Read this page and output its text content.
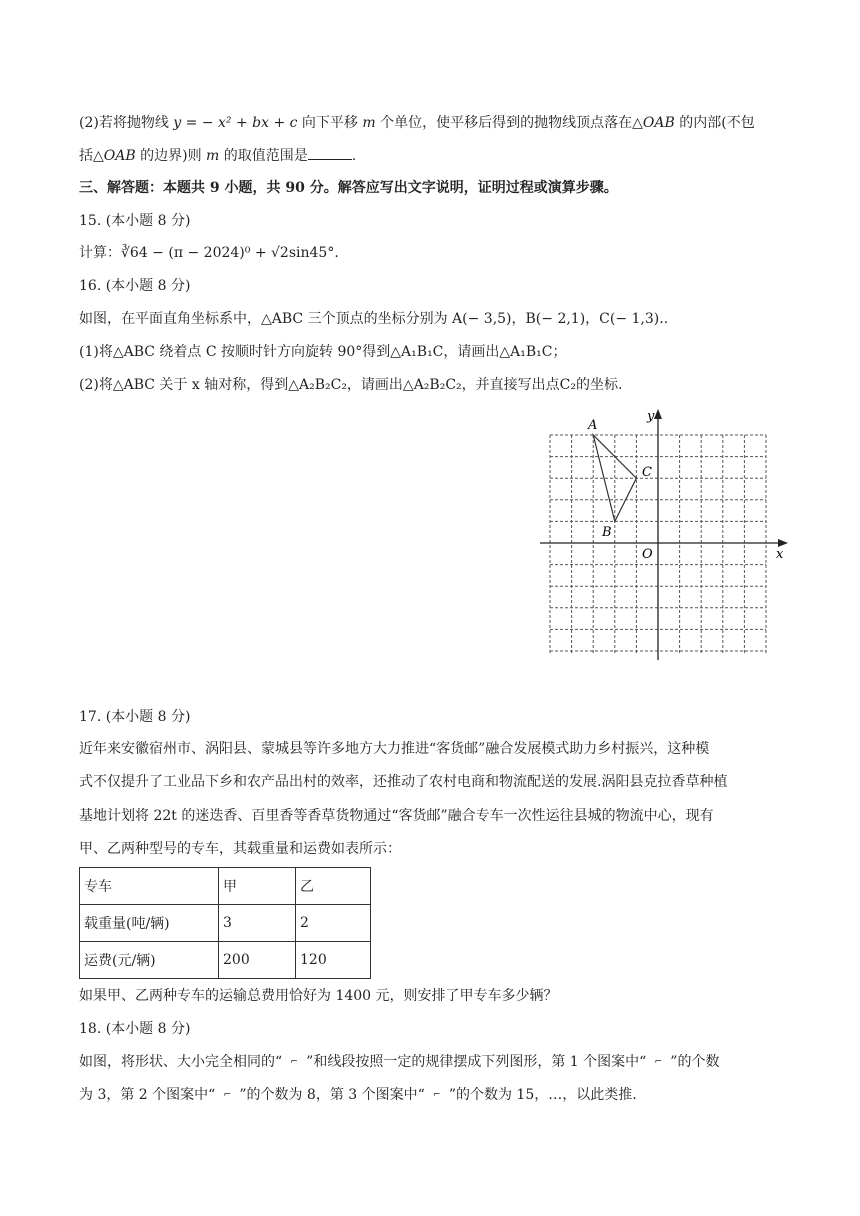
(2)若将抛物线 y = − x² + bx + c 向下平移 m 个单位，使平移后得到的抛物线顶点落在△OAB 的内部(不包
括△OAB 的边界)则 m 的取值范围是	.
三、解答题：本题共 9 小题，共 90 分。解答应写出文字说明，证明过程或演算步骤。
15. (本小题 8 分)
计算：∛64 − (π − 2024)⁰ + √2sin45°.
16. (本小题 8 分)
如图，在平面直角坐标系中，△ABC 三个顶点的坐标分别为 A(− 3,5)，B(− 2,1)，C(− 1,3)..
(1)将△ABC 绕着点 C 按顺时针方向旋转 90°得到△A₁B₁C，请画出△A₁B₁C；
(2)将△ABC 关于 x 轴对称，得到△A₂B₂C₂，请画出△A₂B₂C₂，并直接写出点C₂的坐标.
A
B
C
O	x
y
17. (本小题 8 分)
近年来安徽宿州市、涡阳县、蒙城县等许多地方大力推进“客货邮”融合发展模式助力乡村振兴，这种模
式不仅提升了工业品下乡和农产品出村的效率，还推动了农村电商和物流配送的发展.涡阳县克拉香草种植
基地计划将 22t 的迷迭香、百里香等香草货物通过“客货邮”融合专车一次性运往县城的物流中心，现有
甲、乙两种型号的专车，其载重量和运费如表所示：
专车	甲	乙
载重量(吨/辆)	3	2
运费(元/辆)	200	120
如果甲、乙两种专车的运输总费用恰好为 1400 元，则安排了甲专车多少辆？
18. (本小题 8 分)
如图，将形状、大小完全相同的“ ⌐ ”和线段按照一定的规律摆成下列图形，第 1 个图案中“ ⌐ ”的个数
为 3，第 2 个图案中“ ⌐ ”的个数为 8，第 3 个图案中“ ⌐ ”的个数为 15，…，以此类推.
